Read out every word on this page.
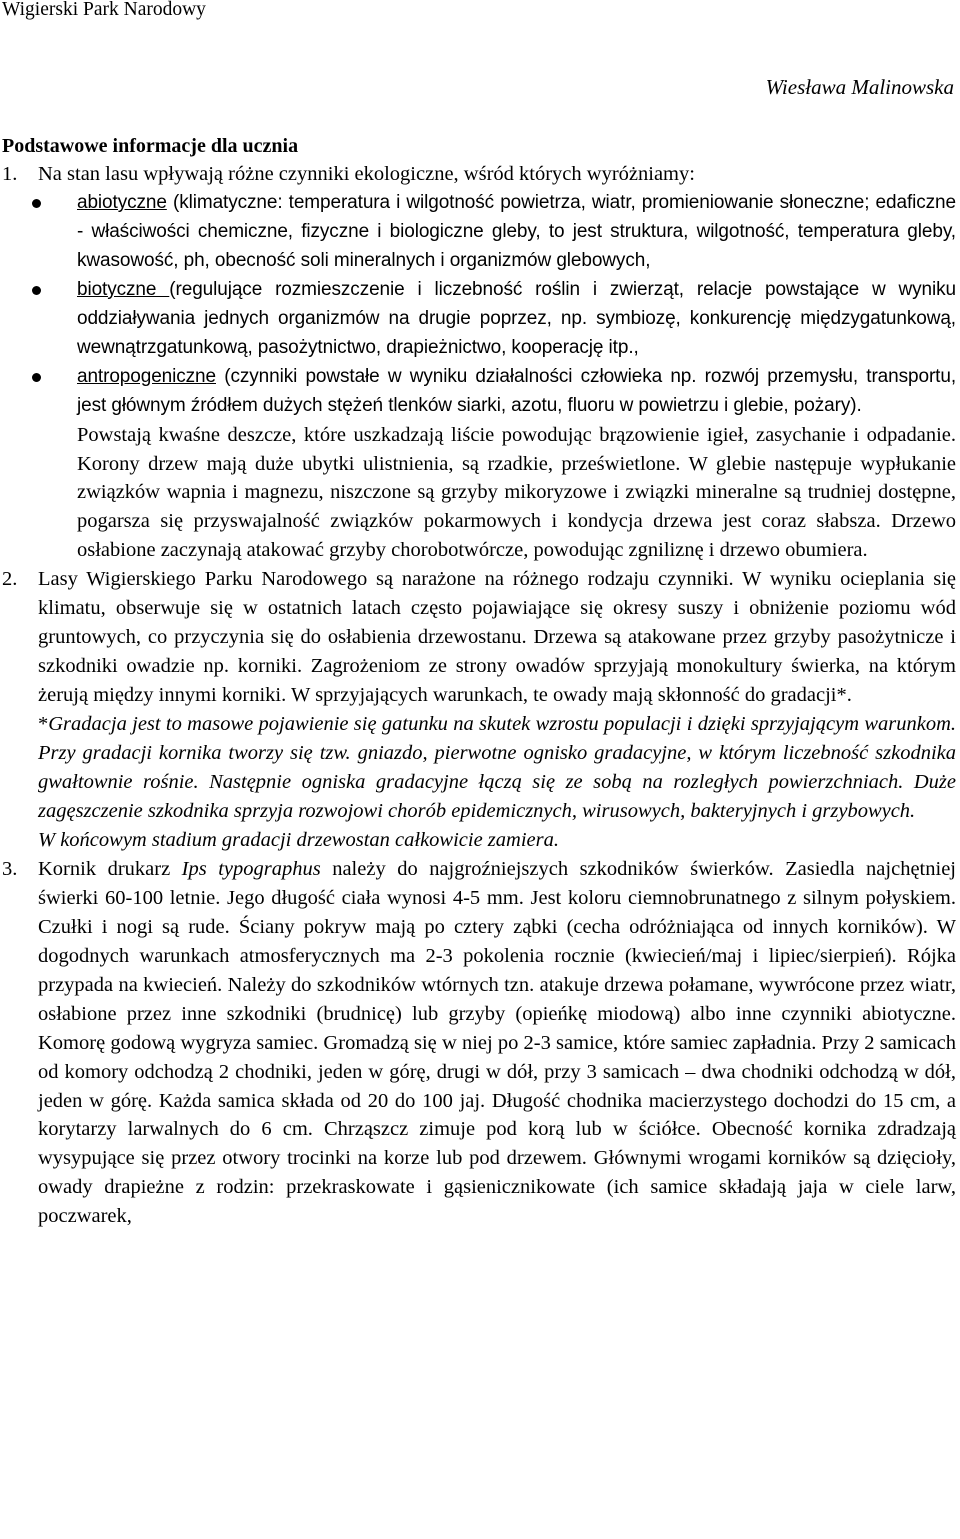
Wigierski Park Narodowy
Wiesława Malinowska
Podstawowe informacje dla ucznia
1. Na stan lasu wpływają różne czynniki ekologiczne, wśród których wyróżniamy:
abiotyczne (klimatyczne: temperatura i wilgotność powietrza, wiatr, promieniowanie słoneczne; edaficzne - właściwości chemiczne, fizyczne i biologiczne gleby, to jest struktura, wilgotność, temperatura gleby, kwasowość, ph, obecność soli mineralnych i organizmów glebowych,
biotyczne (regulujące rozmieszczenie i liczebność roślin i zwierząt, relacje powstające w wyniku oddziaływania jednych organizmów na drugie poprzez, np. symbiozę, konkurencję międzygatunkową, wewnątrzgatunkową, pasożytnictwo, drapieżnictwo, kooperację itp.,
antropogeniczne (czynniki powstałe w wyniku działalności człowieka np. rozwój przemysłu, transportu, jest głównym źródłem dużych stężeń tlenków siarki, azotu, fluoru w powietrzu i glebie, pożary).
Powstają kwaśne deszcze, które uszkadzają liście powodując brązowienie igieł, zasychanie i odpadanie. Korony drzew mają duże ubytki ulistnienia, są rzadkie, prześwietlone. W glebie następuje wypłukanie związków wapnia i magnezu, niszczone są grzyby mikoryzowe i związki mineralne są trudniej dostępne, pogarsza się przyswajalność związków pokarmowych i kondycja drzewa jest coraz słabsza. Drzewo osłabione zaczynają atakować grzyby chorobotwórcze, powodując zgniliznę i drzewo obumiera.
2. Lasy Wigierskiego Parku Narodowego są narażone na różnego rodzaju czynniki. W wyniku ocieplania się klimatu, obserwuje się w ostatnich latach często pojawiające się okresy suszy i obniżenie poziomu wód gruntowych, co przyczynia się do osłabienia drzewostanu. Drzewa są atakowane przez grzyby pasożytnicze i szkodniki owadzie np. korniki. Zagrożeniom ze strony owadów sprzyjają monokultury świerka, na którym żerują między innymi korniki. W sprzyjających warunkach, te owady mają skłonność do gradacji*.
*Gradacja jest to masowe pojawienie się gatunku na skutek wzrostu populacji i dzięki sprzyjającym warunkom. Przy gradacji kornika tworzy się tzw. gniazdo, pierwotne ognisko gradacyjne, w którym liczebność szkodnika gwałtownie rośnie. Następnie ogniska gradacyjne łączą się ze sobą na rozległych powierzchniach. Duże zagęszczenie szkodnika sprzyja rozwojowi chorób epidemicznych, wirusowych, bakteryjnych i grzybowych.
W końcowym stadium gradacji drzewostan całkowicie zamiera.
3. Kornik drukarz Ips typographus należy do najgroźniejszych szkodników świerków. Zasiedla najchętniej świerki 60-100 letnie. Jego długość ciała wynosi 4-5 mm. Jest koloru ciemnobrunatnego z silnym połyskiem. Czułki i nogi są rude. Ściany pokryw mają po cztery ząbki (cecha odróżniająca od innych korników). W dogodnych warunkach atmosferycznych ma 2-3 pokolenia rocznie (kwiecień/maj i lipiec/sierpień). Rójka przypada na kwiecień. Należy do szkodników wtórnych tzn. atakuje drzewa połamane, wywrócone przez wiatr, osłabione przez inne szkodniki (brudnicę) lub grzyby (opieńkę miodową) albo inne czynniki abiotyczne. Komorę godową wygryza samiec. Gromadzą się w niej po 2-3 samice, które samiec zapładnia. Przy 2 samicach od komory odchodzą 2 chodniki, jeden w górę, drugi w dół, przy 3 samicach – dwa chodniki odchodzą w dół, jeden w górę. Każda samica składa od 20 do 100 jaj. Długość chodnika macierzystego dochodzi do 15 cm, a korytarzy larwalnych do 6 cm. Chrząszcz zimuje pod korą lub w ściółce. Obecność kornika zdradzają wysypujące się przez otwory trocinki na korze lub pod drzewem. Głównymi wrogami korników są dzięcioły, owady drapieżne z rodzin: przekraskowate i gąsienicznikowate (ich samice składają jaja w ciele larw, poczwarek,
